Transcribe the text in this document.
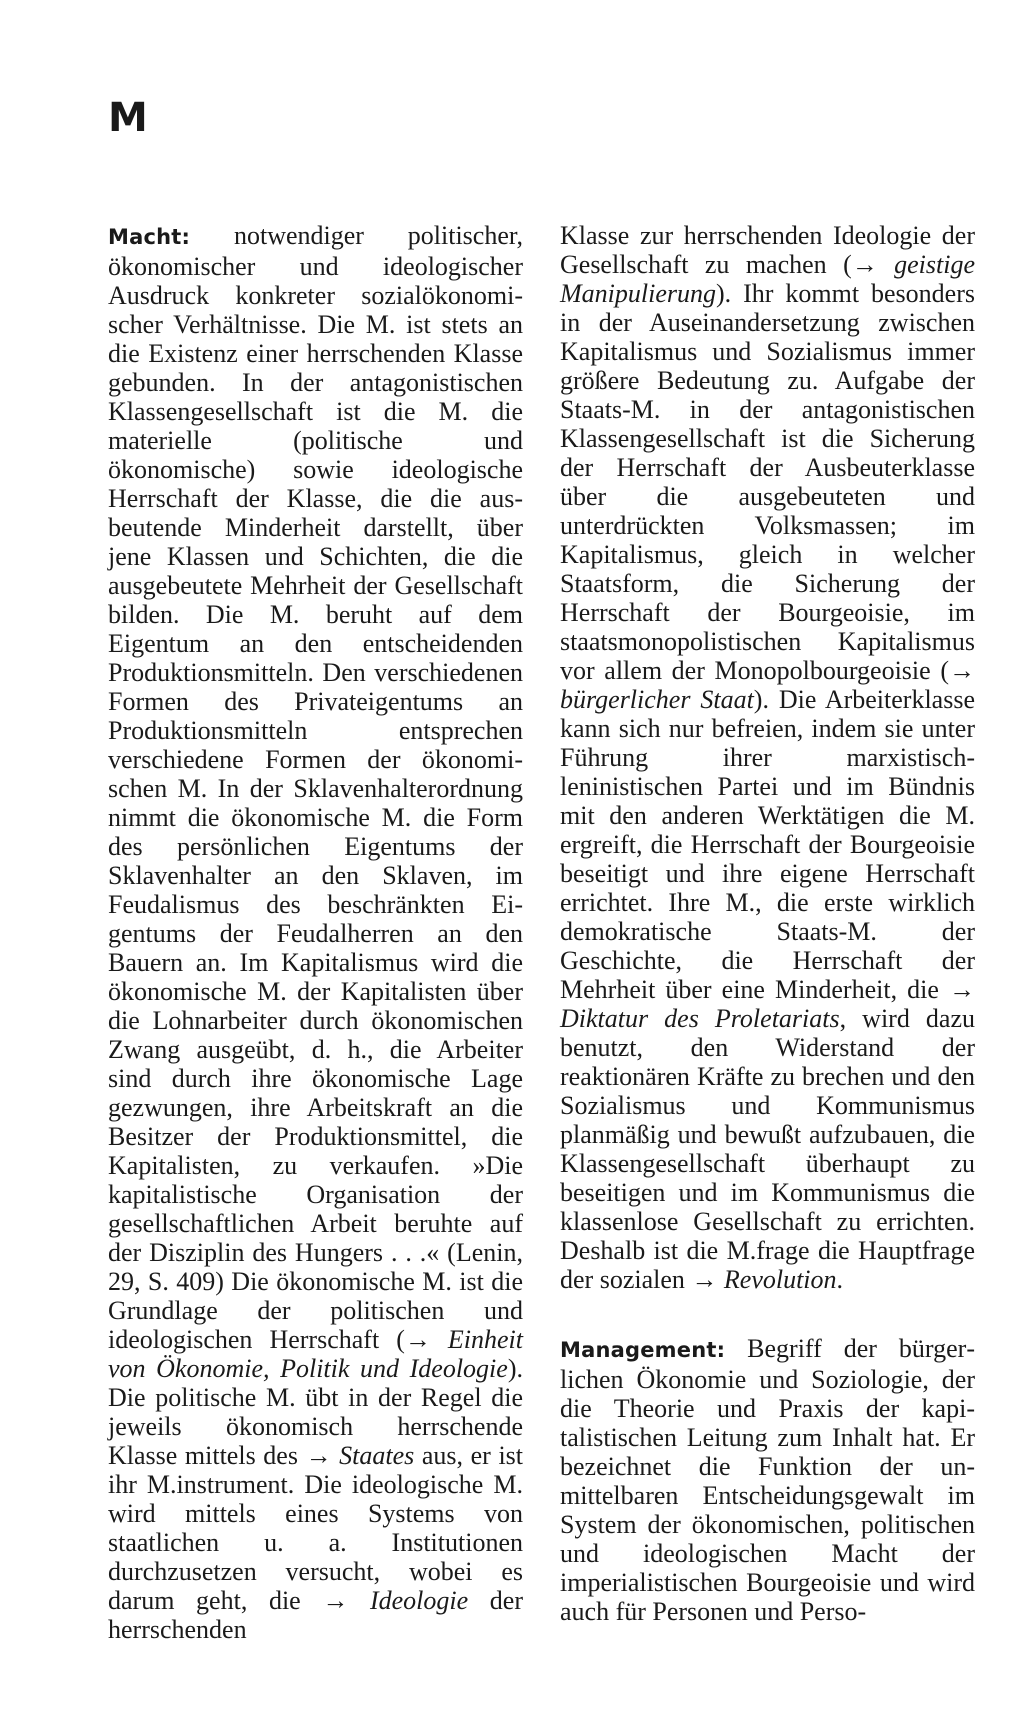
M

Macht: notwendiger politischer, ökonomischer und ideologischer Ausdruck konkreter sozialökonomischer Verhältnisse. Die M. ist stets an die Existenz einer herrschenden Klasse gebunden. In der antagonistischen Klassengesellschaft ist die M. die materielle (politische und ökonomische) sowie ideologische Herrschaft der Klasse, die die ausbeutende Minderheit darstellt, über jene Klassen und Schichten, die die ausgebeutete Mehrheit der Gesellschaft bilden. Die M. beruht auf dem Eigentum an den entscheidenden Produktionsmitteln. Den verschiedenen Formen des Privateigentums an Produktionsmitteln entsprechen verschiedene Formen der ökonomischen M. In der Sklavenhalterordnung nimmt die ökonomische M. die Form des persönlichen Eigentums der Sklavenhalter an den Sklaven, im Feudalismus des beschränkten Eigentums der Feudalherren an den Bauern an. Im Kapitalismus wird die ökonomische M. der Kapitalisten über die Lohnarbeiter durch ökonomischen Zwang ausgeübt, d. h., die Arbeiter sind durch ihre ökonomische Lage gezwungen, ihre Arbeitskraft an die Besitzer der Produktionsmittel, die Kapitalisten, zu verkaufen. »Die kapitalistische Organisation der gesellschaftlichen Arbeit beruhte auf der Disziplin des Hungers . . .« (Lenin, 29, S. 409) Die ökonomische M. ist die Grundlage der politischen und ideologischen Herrschaft (→ Einheit von Ökonomie, Politik und Ideologie). Die politische M. übt in der Regel die jeweils ökonomisch herrschende Klasse mittels des → Staates aus, er ist ihr M.instrument. Die ideologische M. wird mittels eines Systems von staatlichen u. a. Institutionen durchzusetzen versucht, wobei es darum geht, die → Ideologie der herrschenden

Klasse zur herrschenden Ideologie der Gesellschaft zu machen (→ geistige Manipulierung). Ihr kommt besonders in der Auseinandersetzung zwischen Kapitalismus und Sozialismus immer größere Bedeutung zu. Aufgabe der Staats-M. in der antagonistischen Klassengesellschaft ist die Sicherung der Herrschaft der Ausbeuterklasse über die ausgebeuteten und unterdrückten Volksmassen; im Kapitalismus, gleich in welcher Staatsform, die Sicherung der Herrschaft der Bourgeoisie, im staatsmonopolistischen Kapitalismus vor allem der Monopolbourgeoisie (→ bürgerlicher Staat). Die Arbeiterklasse kann sich nur befreien, indem sie unter Führung ihrer marxistisch-leninistischen Partei und im Bündnis mit den anderen Werktätigen die M. ergreift, die Herrschaft der Bourgeoisie beseitigt und ihre eigene Herrschaft errichtet. Ihre M., die erste wirklich demokratische Staats-M. der Geschichte, die Herrschaft der Mehrheit über eine Minderheit, die → Diktatur des Proletariats, wird dazu benutzt, den Widerstand der reaktionären Kräfte zu brechen und den Sozialismus und Kommunismus planmäßig und bewußt aufzubauen, die Klassengesellschaft überhaupt zu beseitigen und im Kommunismus die klassenlose Gesellschaft zu errichten. Deshalb ist die M.frage die Hauptfrage der sozialen → Revolution.

Management: Begriff der bürgerlichen Ökonomie und Soziologie, der die Theorie und Praxis der kapitalistischen Leitung zum Inhalt hat. Er bezeichnet die Funktion der unmittelbaren Entscheidungsgewalt im System der ökonomischen, politischen und ideologischen Macht der imperialistischen Bourgeoisie und wird auch für Personen und Perso-
